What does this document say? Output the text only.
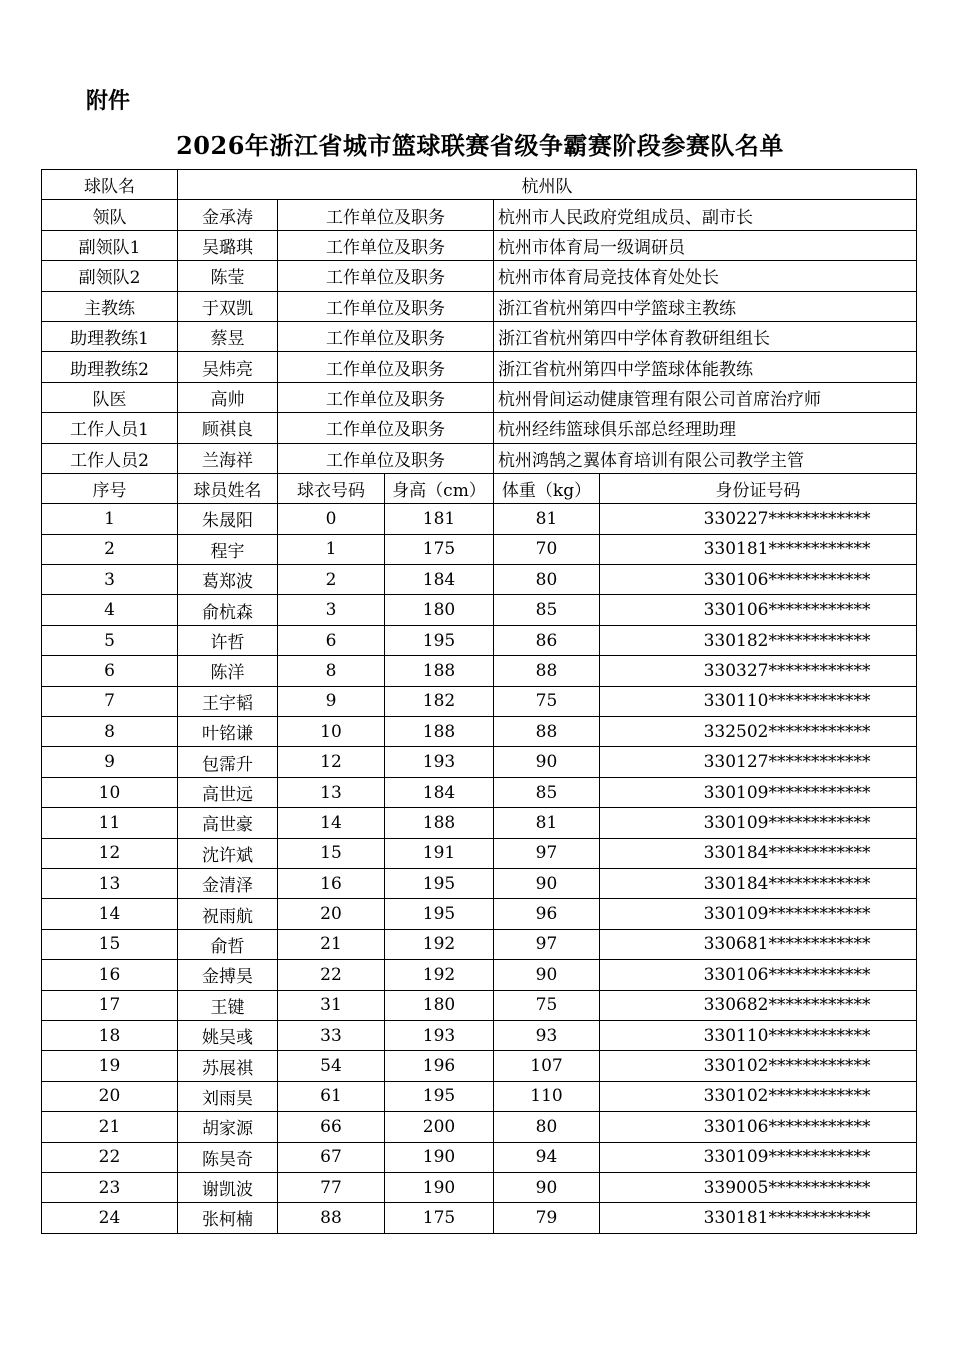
附件
2026年浙江省城市篮球联赛省级争霸赛阶段参赛队名单
球队名	杭州队				
领队	金承涛	工作单位及职务		杭州市人民政府党组成员、副市长	
副领队1	吴璐琪	工作单位及职务		杭州市体育局一级调研员	
副领队2	陈莹	工作单位及职务		杭州市体育局竞技体育处处长	
主教练	于双凯	工作单位及职务		浙江省杭州第四中学篮球主教练	
助理教练1	蔡昱	工作单位及职务		浙江省杭州第四中学体育教研组组长	
助理教练2	吴炜亮	工作单位及职务		浙江省杭州第四中学篮球体能教练	
队医	高帅	工作单位及职务		杭州骨间运动健康管理有限公司首席治疗师	
工作人员1	顾祺良	工作单位及职务		杭州经纬篮球俱乐部总经理助理	
工作人员2	兰海祥	工作单位及职务		杭州鸿鹄之翼体育培训有限公司教学主管	
序号	球员姓名	球衣号码	身高（cm）	体重（kg）	身份证号码
1	朱晟阳	0	181	81	330227************
2	程宇	1	175	70	330181************
3	葛郑波	2	184	80	330106************
4	俞杭森	3	180	85	330106************
5	许哲	6	195	86	330182************
6	陈洋	8	188	88	330327************
7	王宇韬	9	182	75	330110************
8	叶铭谦	10	188	88	332502************
9	包霈升	12	193	90	330127************
10	高世远	13	184	85	330109************
11	高世豪	14	188	81	330109************
12	沈许斌	15	191	97	330184************
13	金清泽	16	195	90	330184************
14	祝雨航	20	195	96	330109************
15	俞哲	21	192	97	330681************
16	金搏昊	22	192	90	330106************
17	王键	31	180	75	330682************
18	姚吴彧	33	193	93	330110************
19	苏展祺	54	196	107	330102************
20	刘雨昊	61	195	110	330102************
21	胡家源	66	200	80	330106************
22	陈昊奇	67	190	94	330109************
23	谢凯波	77	190	90	339005************
24	张柯楠	88	175	79	330181************
